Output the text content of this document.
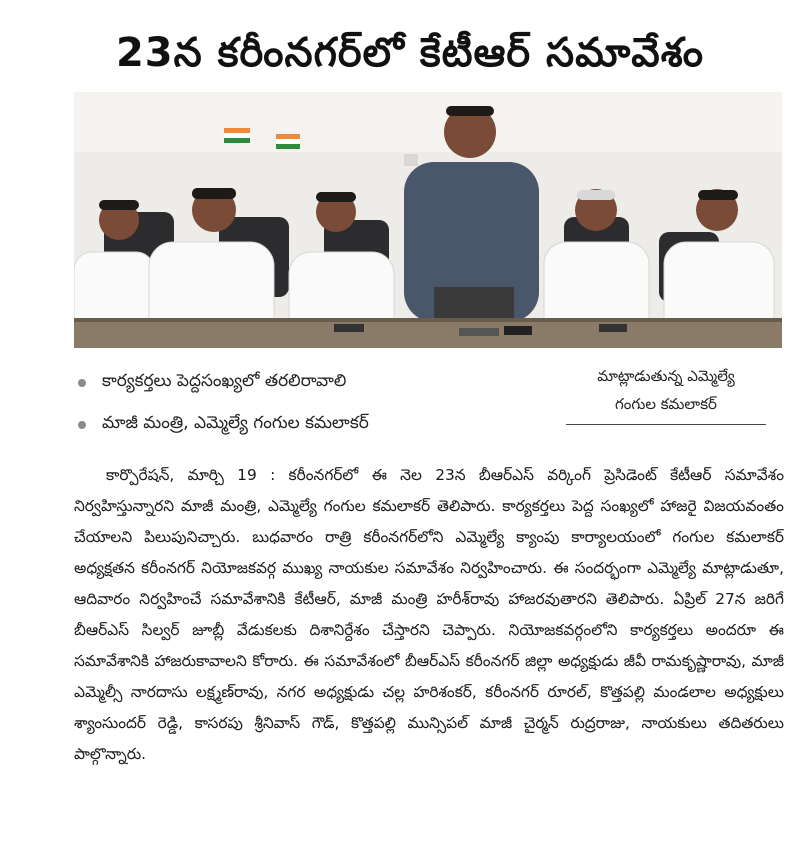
23న కరీంనగర్‌లో కేటీఆర్ సమావేశం
కార్యకర్తలు పెద్దసంఖ్యలో తరలిరావాలి
మాజీ మంత్రి, ఎమ్మెల్యే గంగుల కమలాకర్
మాట్లాడుతున్న ఎమ్మెల్యే
గంగుల కమలాకర్
కార్పొరేషన్, మార్చి 19 : కరీంనగర్‌లో ఈ నెల 23న బీఆర్‌ఎస్ వర్కింగ్ ప్రెసిడెంట్ కేటీఆర్ సమావేశం నిర్వహిస్తున్నారని మాజీ మంత్రి, ఎమ్మెల్యే గంగుల కమలాకర్ తెలిపారు. కార్యకర్తలు పెద్ద సంఖ్యలో హాజరై విజయవంతం చేయాలని పిలుపునిచ్చారు. బుధవారం రాత్రి కరీంనగర్‌లోని ఎమ్మెల్యే క్యాంపు కార్యాలయంలో గంగుల కమలాకర్ అధ్యక్షతన కరీంనగర్ నియోజకవర్గ ముఖ్య నాయకుల సమావేశం నిర్వహించారు. ఈ సందర్భంగా ఎమ్మెల్యే మాట్లాడుతూ, ఆదివారం నిర్వహించే సమావేశానికి కేటీఆర్, మాజీ మంత్రి హరీశ్‌రావు హాజరవుతారని తెలిపారు. ఏప్రిల్ 27న జరిగే బీఆర్‌ఎస్ సిల్వర్ జూబ్లీ వేడుకలకు దిశానిర్దేశం చేస్తారని చెప్పారు. నియోజకవర్గంలోని కార్యకర్తలు అందరూ ఈ సమావేశానికి హాజరుకావాలని కోరారు. ఈ సమావేశంలో బీఆర్‌ఎస్ కరీంనగర్ జిల్లా అధ్యక్షుడు జీవీ రామకృష్ణారావు, మాజీ ఎమ్మెల్సీ నారదాసు లక్ష్మణ్‌రావు, నగర అధ్యక్షుడు చల్ల హరిశంకర్, కరీంనగర్ రూరల్, కొత్తపల్లి మండలాల అధ్యక్షులు శ్యాంసుందర్ రెడ్డి, కాసరపు శ్రీనివాస్ గౌడ్, కొత్తపల్లి మున్సిపల్ మాజీ చైర్మన్ రుద్రరాజు, నాయకులు తదితరులు పాల్గొన్నారు.
